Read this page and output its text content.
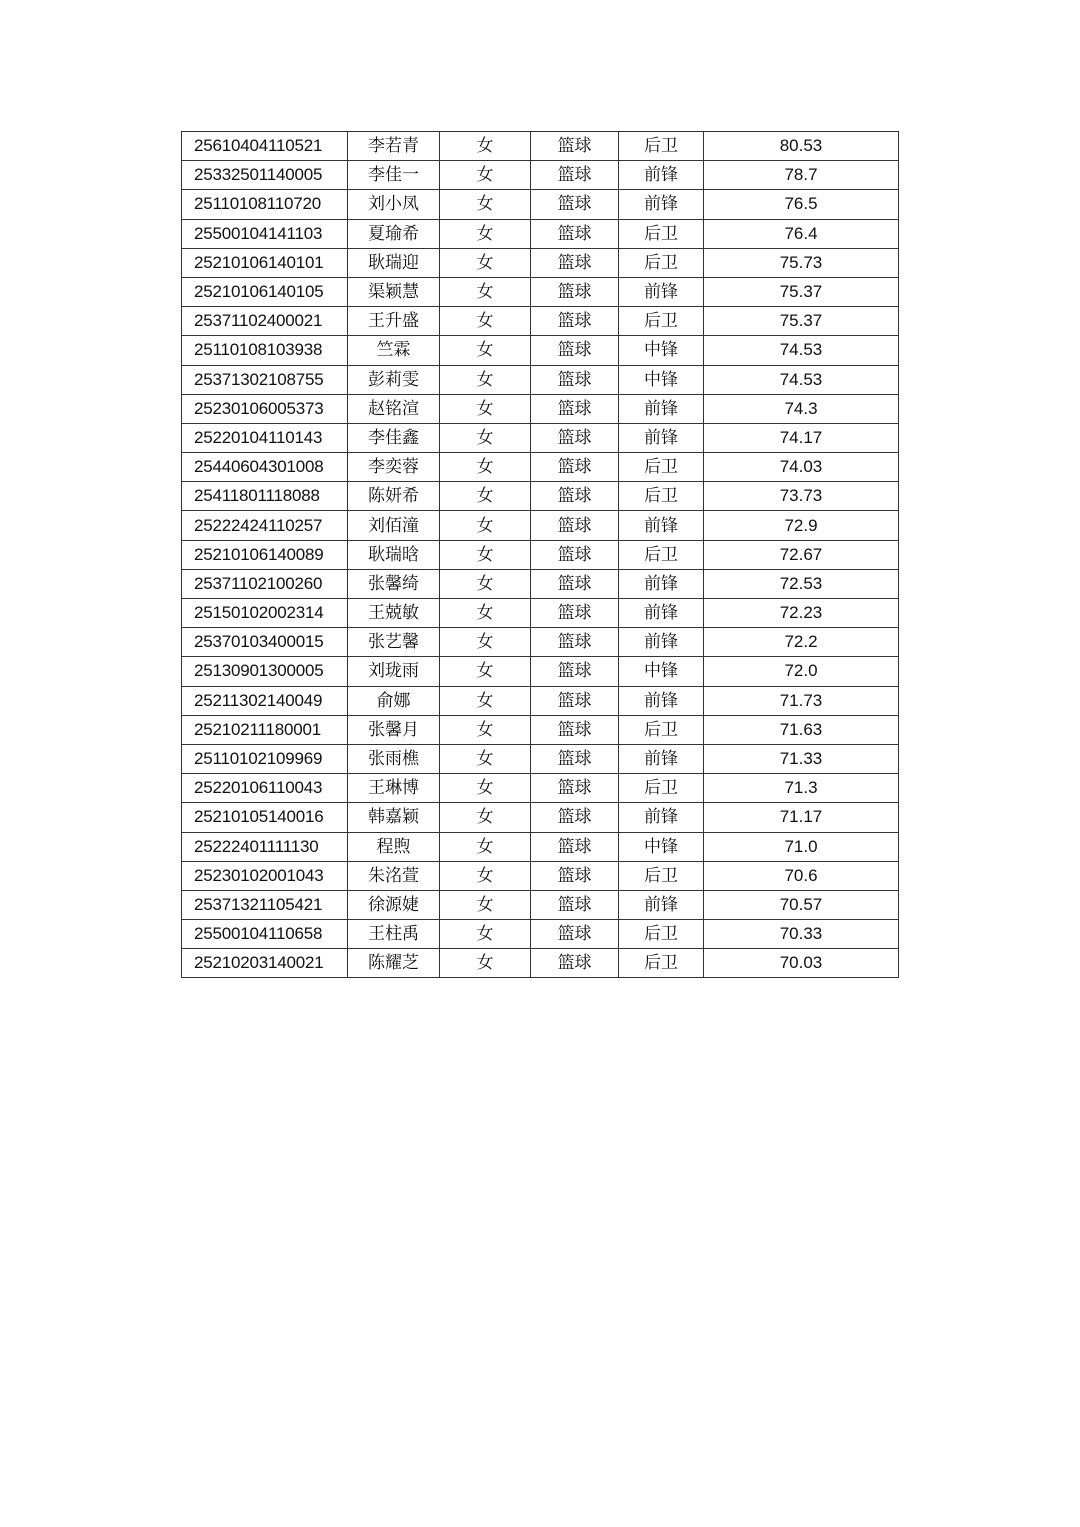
25610404110521	李若青	女	篮球	后卫	80.53
25332501140005	李佳一	女	篮球	前锋	78.7
25110108110720	刘小凤	女	篮球	前锋	76.5
25500104141103	夏瑜希	女	篮球	后卫	76.4
25210106140101	耿瑞迎	女	篮球	后卫	75.73
25210106140105	渠颖慧	女	篮球	前锋	75.37
25371102400021	王升盛	女	篮球	后卫	75.37
25110108103938	竺霖	女	篮球	中锋	74.53
25371302108755	彭莉雯	女	篮球	中锋	74.53
25230106005373	赵铭渲	女	篮球	前锋	74.3
25220104110143	李佳鑫	女	篮球	前锋	74.17
25440604301008	李奕蓉	女	篮球	后卫	74.03
25411801118088	陈妍希	女	篮球	后卫	73.73
25222424110257	刘佰潼	女	篮球	前锋	72.9
25210106140089	耿瑞晗	女	篮球	后卫	72.67
25371102100260	张馨绮	女	篮球	前锋	72.53
25150102002314	王兢敏	女	篮球	前锋	72.23
25370103400015	张艺馨	女	篮球	前锋	72.2
25130901300005	刘珑雨	女	篮球	中锋	72.0
25211302140049	俞娜	女	篮球	前锋	71.73
25210211180001	张馨月	女	篮球	后卫	71.63
25110102109969	张雨樵	女	篮球	前锋	71.33
25220106110043	王琳博	女	篮球	后卫	71.3
25210105140016	韩嘉颖	女	篮球	前锋	71.17
25222401111130	程煦	女	篮球	中锋	71.0
25230102001043	朱洺萱	女	篮球	后卫	70.6
25371321105421	徐源婕	女	篮球	前锋	70.57
25500104110658	王柱禹	女	篮球	后卫	70.33
25210203140021	陈耀芝	女	篮球	后卫	70.03
